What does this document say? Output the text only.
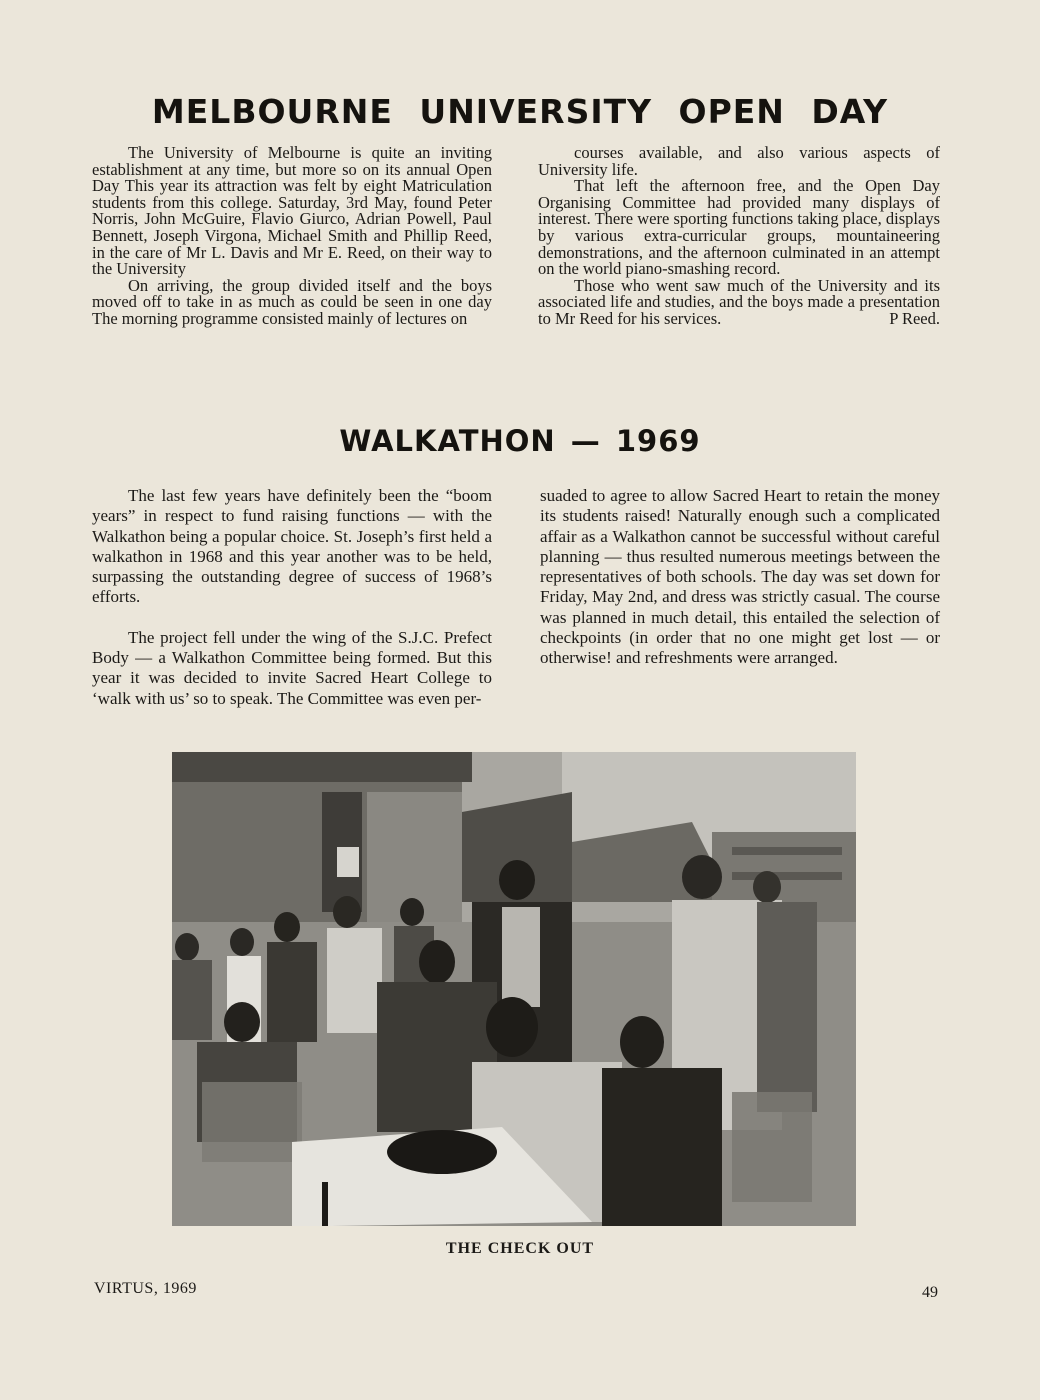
MELBOURNE UNIVERSITY OPEN DAY

The University of Melbourne is quite an inviting establishment at any time, but more so on its annual Open Day This year its attraction was felt by eight Matriculation students from this college. Saturday, 3rd May, found Peter Norris, John McGuire, Flavio Giurco, Adrian Powell, Paul Bennett, Joseph Virgona, Michael Smith and Phillip Reed, in the care of Mr L. Davis and Mr E. Reed, on their way to the University

On arriving, the group divided itself and the boys moved off to take in as much as could be seen in one day The morning programme consisted mainly of lectures on

courses available, and also various aspects of University life.

That left the afternoon free, and the Open Day Organising Committee had provided many displays of interest. There were sporting functions taking place, displays by various extra-curricular groups, mountaineering demonstrations, and the afternoon culminated in an attempt on the world piano-smashing record.

Those who went saw much of the University and its associated life and studies, and the boys made a presentation to Mr Reed for his services.	P Reed.

WALKATHON — 1969

The last few years have definitely been the “boom years” in respect to fund raising functions — with the Walkathon being a popular choice. St. Joseph’s first held a walkathon in 1968 and this year another was to be held, surpassing the outstanding degree of success of 1968’s efforts.

The project fell under the wing of the S.J.C. Prefect Body — a Walkathon Committee being formed. But this year it was decided to invite Sacred Heart College to ‘walk with us’ so to speak. The Committee was even per-

suaded to agree to allow Sacred Heart to retain the money its students raised! Naturally enough such a complicated affair as a Walkathon cannot be successful without careful planning — thus resulted numerous meetings between the representatives of both schools. The day was set down for Friday, May 2nd, and dress was strictly casual. The course was planned in much detail, this entailed the selection of checkpoints (in order that no one might get lost — or otherwise! and refreshments were arranged.

THE CHECK OUT
VIRTUS, 1969	49
